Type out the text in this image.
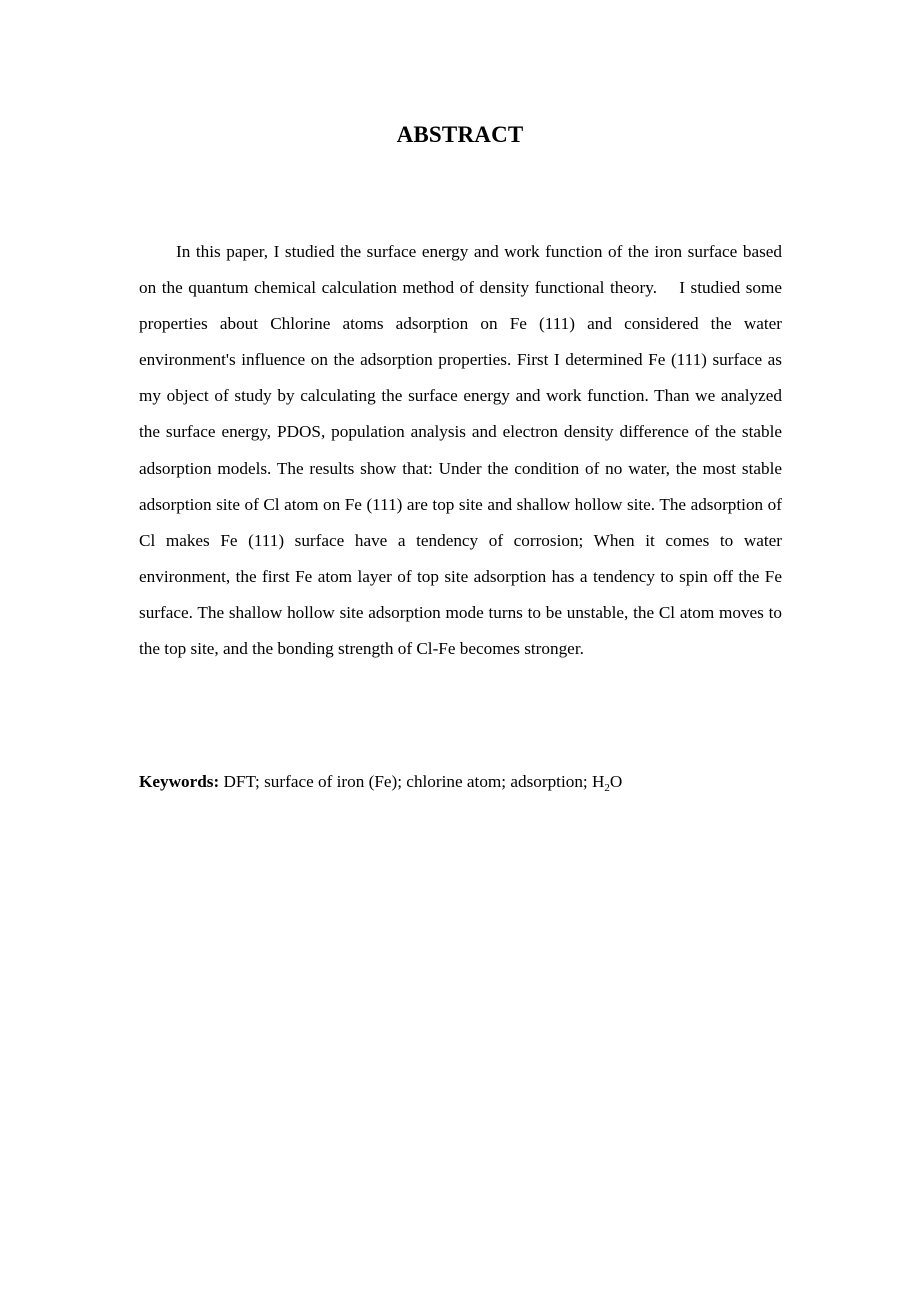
ABSTRACT

In this paper, I studied the surface energy and work function of the iron surface based on the quantum chemical calculation method of density functional theory.    I studied some properties about Chlorine atoms adsorption on Fe (111) and considered the water environment's influence on the adsorption properties. First I determined Fe (111) surface as my object of study by calculating the surface energy and work function. Than we analyzed the surface energy, PDOS, population analysis and electron density difference of the stable adsorption models. The results show that: Under the condition of no water, the most stable adsorption site of Cl atom on Fe (111) are top site and shallow hollow site. The adsorption of Cl makes Fe (111) surface have a tendency of corrosion; When it comes to water environment, the first Fe atom layer of top site adsorption has a tendency to spin off the Fe surface. The shallow hollow site adsorption mode turns to be unstable, the Cl atom moves to the top site, and the bonding strength of Cl-Fe becomes stronger.

Keywords: DFT; surface of iron (Fe); chlorine atom; adsorption; $H_2O$
